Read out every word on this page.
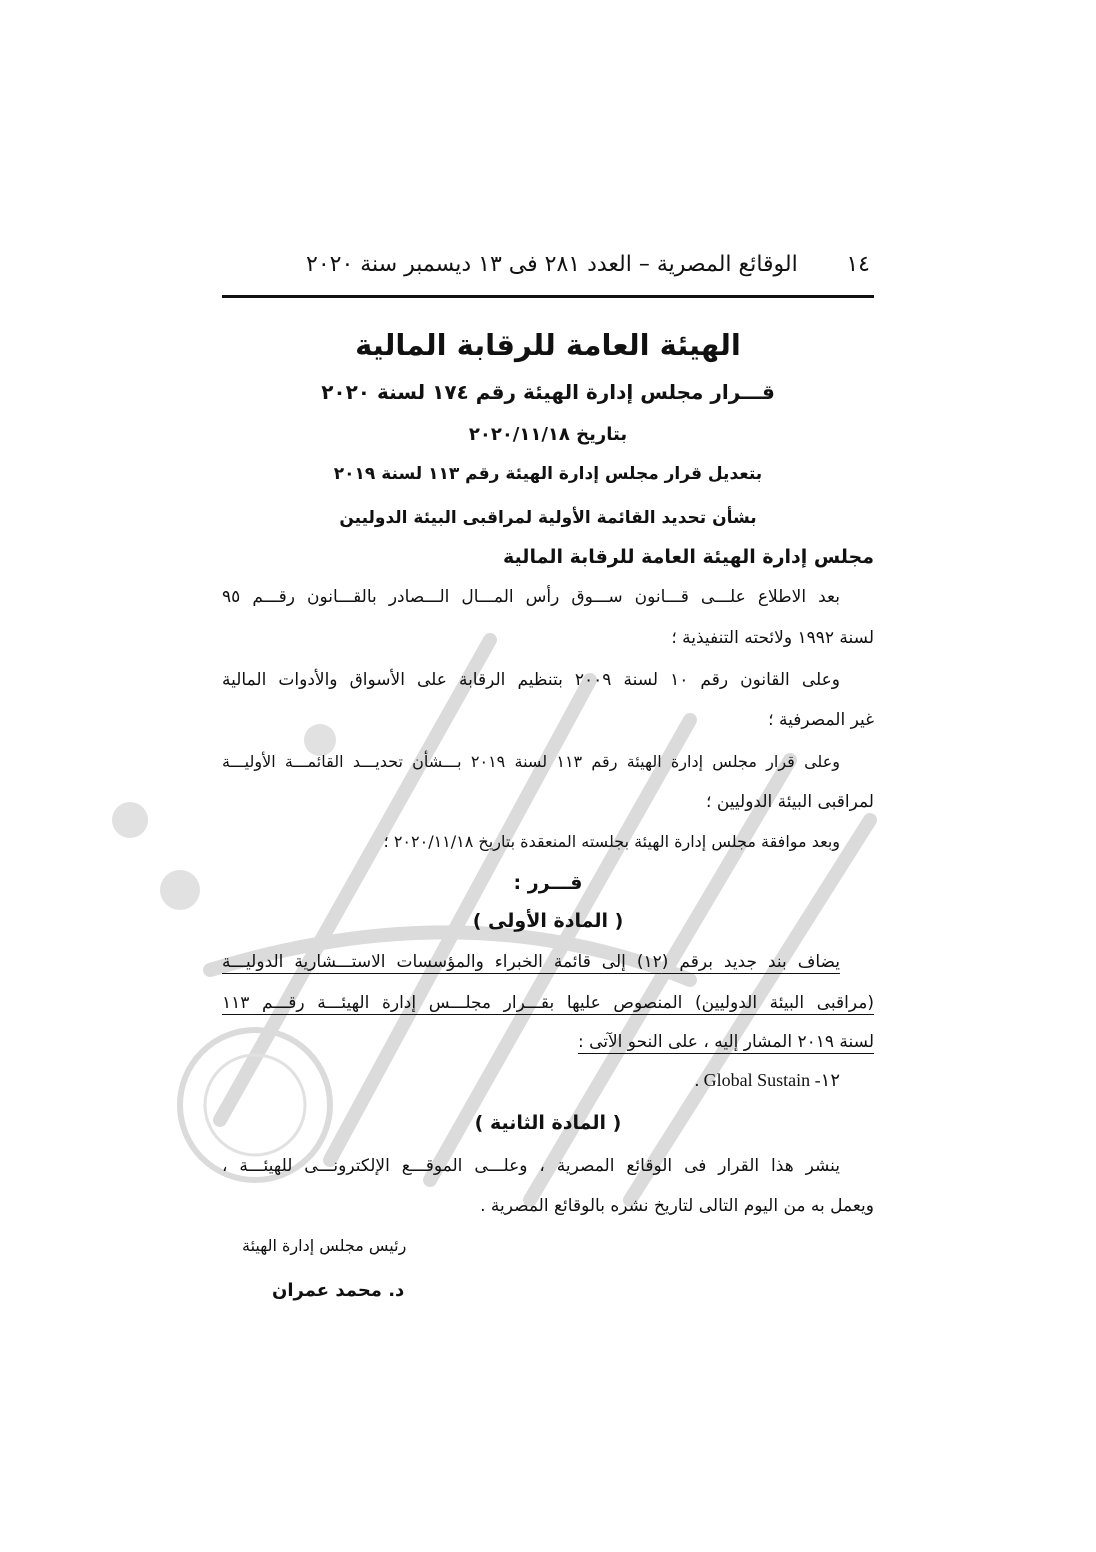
١٤
الوقائع المصرية – العدد ٢٨١ فى ١٣ ديسمبر سنة ٢٠٢٠
الهيئة العامة للرقابة المالية
قـــرار مجلس إدارة الهيئة رقم ١٧٤ لسنة ٢٠٢٠
بتاريخ ٢٠٢٠/١١/١٨
بتعديل قرار مجلس إدارة الهيئة رقم ١١٣ لسنة ٢٠١٩
بشأن تحديد القائمة الأولية لمراقبى البيئة الدوليين
مجلس إدارة الهيئة العامة للرقابة المالية
بعد الاطلاع علـــى قـــانون ســـوق رأس المـــال الـــصادر بالقـــانون رقـــم ٩٥
لسنة ١٩٩٢ ولائحته التنفيذية ؛
وعلى القانون رقم ١٠ لسنة ٢٠٠٩ بتنظيم الرقابة على الأسواق والأدوات المالية
غير المصرفية ؛
وعلى قرار مجلس إدارة الهيئة رقم ١١٣ لسنة ٢٠١٩ بـــشأن تحديـــد القائمـــة الأوليـــة
لمراقبى البيئة الدوليين ؛
وبعد موافقة مجلس إدارة الهيئة بجلسته المنعقدة بتاريخ ٢٠٢٠/١١/١٨ ؛
قـــرر :
( المادة الأولى )
يضاف بند جديد برقم (١٢) إلى قائمة الخبراء والمؤسسات الاستـــشارية الدوليـــة
(مراقبى البيئة الدوليين) المنصوص عليها بقـــرار مجلـــس إدارة الهيئـــة رقـــم ١١٣
لسنة ٢٠١٩ المشار إليه ، على النحو الآتى :
١٢- Global Sustain .
( المادة الثانية )
ينشر هذا القرار فى الوقائع المصرية ، وعلـــى الموقـــع الإلكترونـــى للهيئـــة ،
ويعمل به من اليوم التالى لتاريخ نشره بالوقائع المصرية .
رئيس مجلس إدارة الهيئة
د. محمد عمران
